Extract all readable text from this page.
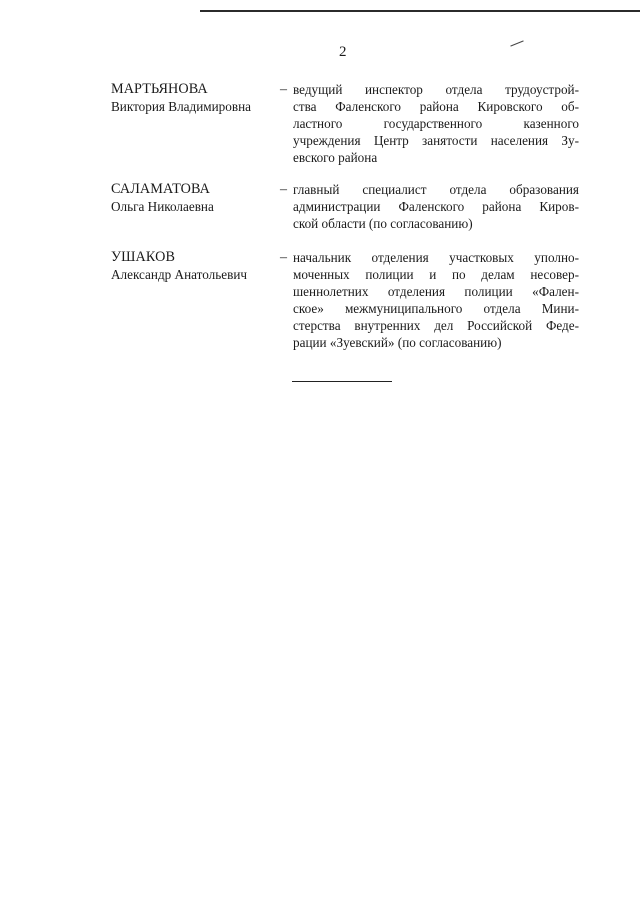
2
МАРТЬЯНОВА
Виктория Владимировна
– ведущий инспектор отдела трудоустрой-
ства Фаленского района Кировского об-
ластного государственного казенного
учреждения Центр занятости населения Зу-
евского района
САЛАМАТОВА
Ольга Николаевна
– главный специалист отдела образования
администрации Фаленского района Киров-
ской области (по согласованию)
УШАКОВ
Александр Анатольевич
– начальник отделения участковых уполно-
моченных полиции и по делам несовер-
шеннолетних отделения полиции «Фален-
ское» межмуниципального отдела Мини-
стерства внутренних дел Российской Феде-
рации «Зуевский» (по согласованию)
